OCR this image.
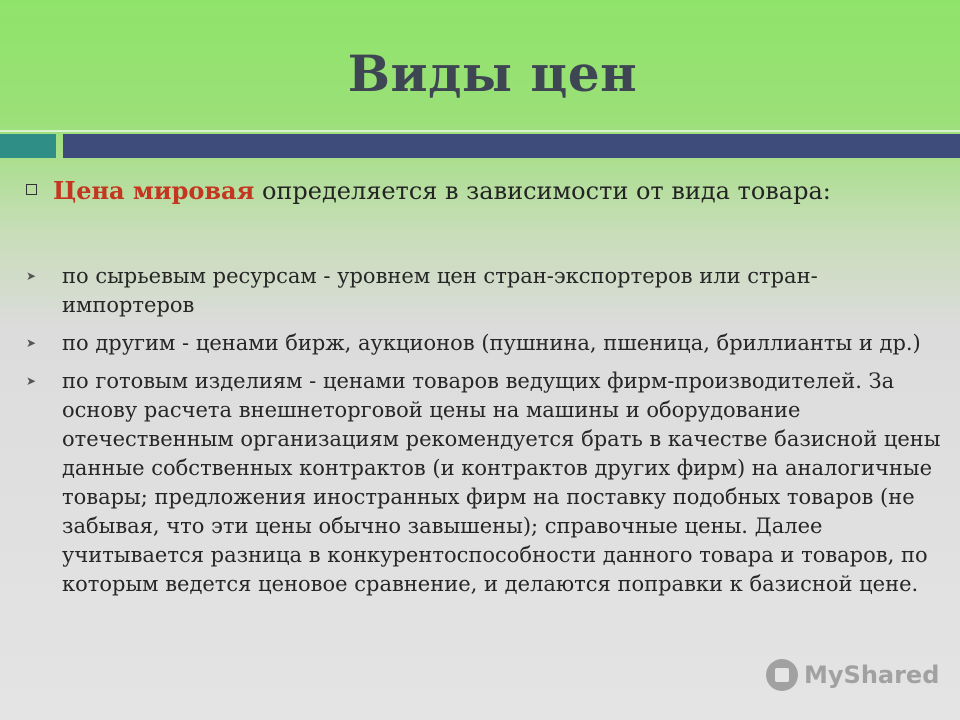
Виды цен
Цена мировая определяется в зависимости от вида товара:
➤	по сырьевым ресурсам - уровнем цен стран-экспортеров или стран-импортеров
➤	по другим - ценами бирж, аукционов (пушнина, пшеница, бриллианты и др.)
➤	по готовым изделиям - ценами товаров ведущих фирм-производителей. За основу расчета внешнеторговой цены на машины и оборудование отечественным организациям рекомендуется брать в качестве базисной цены данные собственных контрактов (и контрактов других фирм) на аналогичные товары; предложения иностранных фирм на поставку подобных товаров (не забывая, что эти цены обычно завышены); справочные цены. Далее учитывается разница в конкурентоспособности данного товара и товаров, по которым ведется ценовое сравнение, и делаются поправки к базисной цене.
MyShared
